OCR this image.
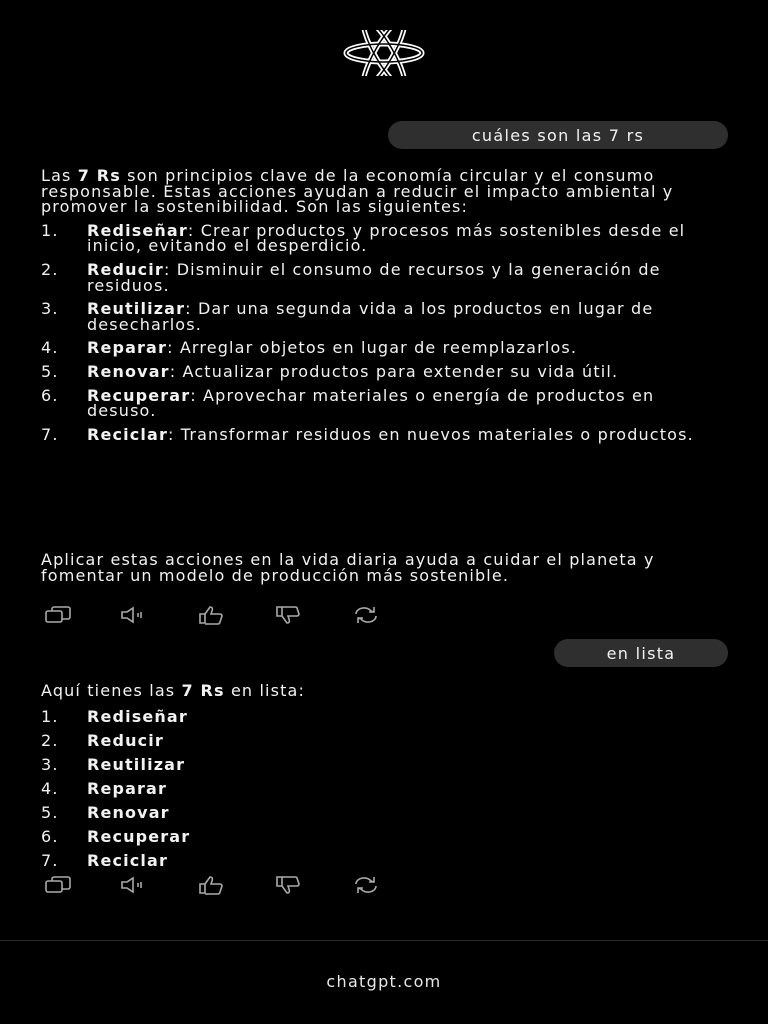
cuáles son las 7 rs

Las 7 Rs son principios clave de la economía circular y el consumo responsable. Estas acciones ayudan a reducir el impacto ambiental y promover la sostenibilidad. Son las siguientes:

1. Rediseñar: Crear productos y procesos más sostenibles desde el inicio, evitando el desperdicio.
2. Reducir: Disminuir el consumo de recursos y la generación de residuos.
3. Reutilizar: Dar una segunda vida a los productos en lugar de desecharlos.
4. Reparar: Arreglar objetos en lugar de reemplazarlos.
5. Renovar: Actualizar productos para extender su vida útil.
6. Recuperar: Aprovechar materiales o energía de productos en desuso.
7. Reciclar: Transformar residuos en nuevos materiales o productos.

Aplicar estas acciones en la vida diaria ayuda a cuidar el planeta y fomentar un modelo de producción más sostenible.

en lista

Aquí tienes las 7 Rs en lista:

1. Rediseñar
2. Reducir
3. Reutilizar
4. Reparar
5. Renovar
6. Recuperar
7. Reciclar
chatgpt.com
